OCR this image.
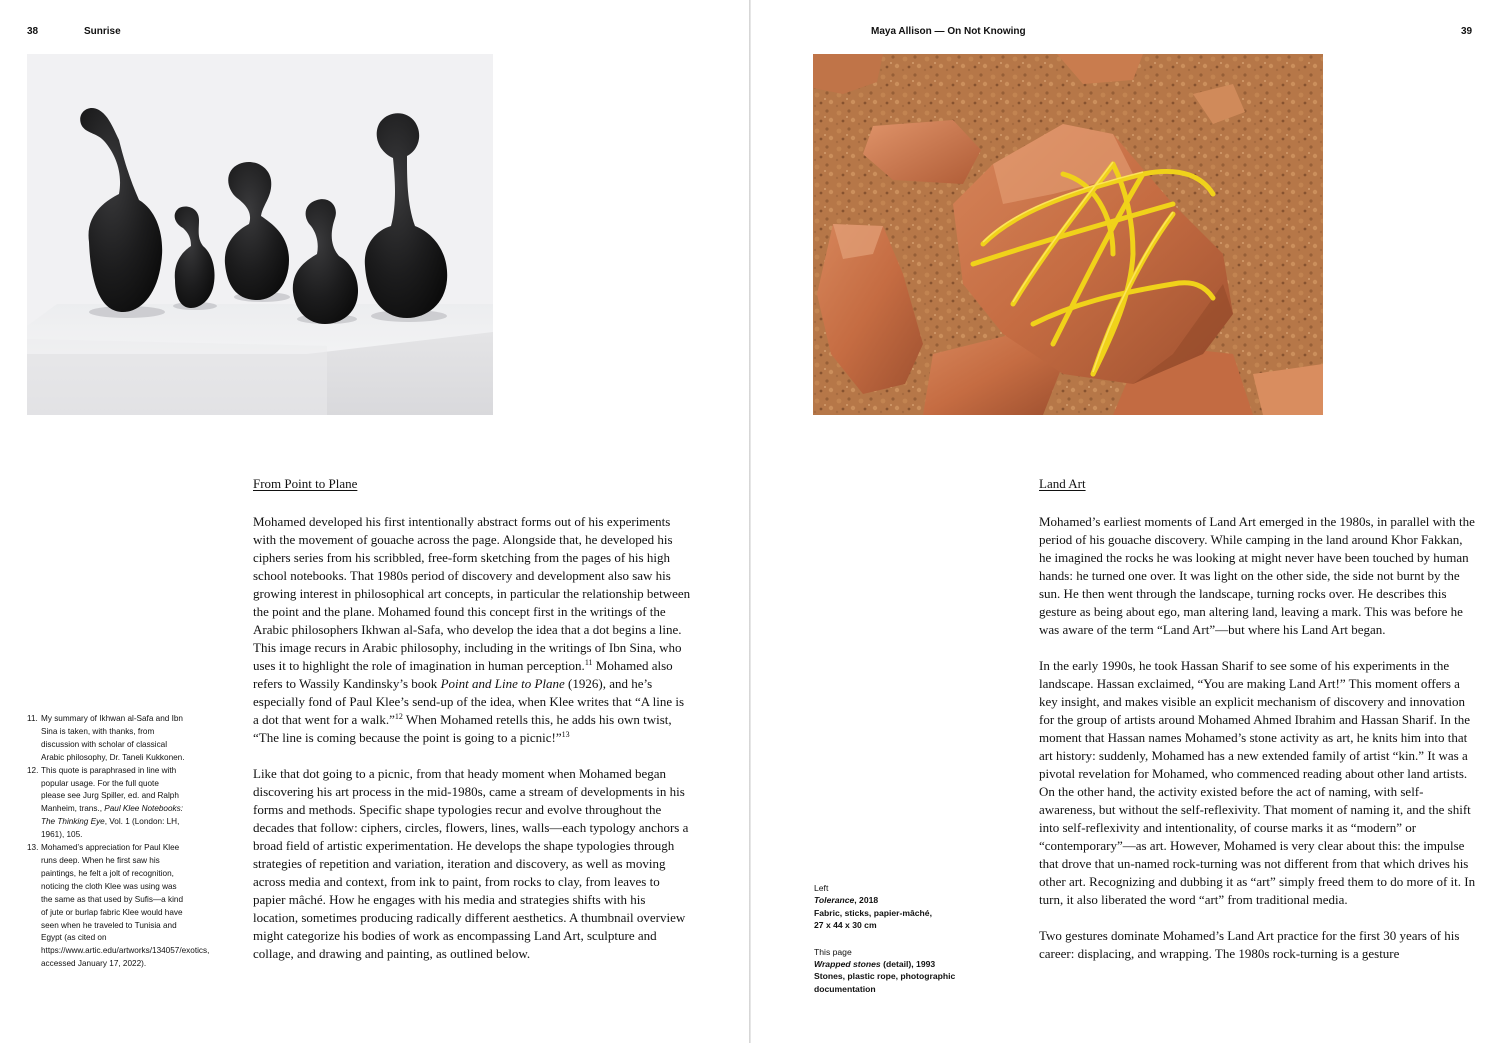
38	Sunrise	Maya Allison — On Not Knowing	39
From Point to Plane

Mohamed developed his first intentionally abstract forms out of his experiments with the movement of gouache across the page. Alongside that, he developed his ciphers series from his scribbled, free-form sketching from the pages of his high school notebooks. That 1980s period of discovery and development also saw his growing interest in philosophical art concepts, in particular the relationship between the point and the plane. Mohamed found this concept first in the writings of the Arabic philosophers Ikhwan al-Safa, who develop the idea that a dot begins a line. This image recurs in Arabic philosophy, including in the writings of Ibn Sina, who uses it to highlight the role of imagination in human perception.$^{11}$ Mohamed also refers to Wassily Kandinsky’s book Point and Line to Plane (1926), and he’s especially fond of Paul Klee’s send-up of the idea, when Klee writes that “A line is a dot that went for a walk.”$^{12}$ When Mohamed retells this, he adds his own twist, “The line is coming because the point is going to a picnic!”$^{13}$

Like that dot going to a picnic, from that heady moment when Mohamed began discovering his art process in the mid-1980s, came a stream of developments in his forms and methods. Specific shape typologies recur and evolve throughout the decades that follow: ciphers, circles, flowers, lines, walls—each typology anchors a broad field of artistic experimentation. He develops the shape typologies through strategies of repetition and variation, iteration and discovery, as well as moving across media and context, from ink to paint, from rocks to clay, from leaves to papier mâché. How he engages with his media and strategies shifts with his location, sometimes producing radically different aesthetics. A thumbnail overview might categorize his bodies of work as encompassing Land Art, sculpture and collage, and drawing and painting, as outlined below.

11. My summary of Ikhwan al-Safa and Ibn Sina is taken, with thanks, from discussion with scholar of classical Arabic philosophy, Dr. Taneli Kukkonen.
12. This quote is paraphrased in line with popular usage. For the full quote please see Jurg Spiller, ed. and Ralph Manheim, trans., Paul Klee Notebooks: The Thinking Eye, Vol. 1 (London: LH, 1961), 105.
13. Mohamed’s appreciation for Paul Klee runs deep. When he first saw his paintings, he felt a jolt of recognition, noticing the cloth Klee was using was the same as that used by Sufis—a kind of jute or burlap fabric Klee would have seen when he traveled to Tunisia and Egypt (as cited on https://www.artic.edu/artworks/134057/exotics, accessed January 17, 2022).
Land Art

Mohamed’s earliest moments of Land Art emerged in the 1980s, in parallel with the period of his gouache discovery. While camping in the land around Khor Fakkan, he imagined the rocks he was looking at might never have been touched by human hands: he turned one over. It was light on the other side, the side not burnt by the sun. He then went through the landscape, turning rocks over. He describes this gesture as being about ego, man altering land, leaving a mark. This was before he was aware of the term “Land Art”—but where his Land Art began.

In the early 1990s, he took Hassan Sharif to see some of his experiments in the landscape. Hassan exclaimed, “You are making Land Art!” This moment offers a key insight, and makes visible an explicit mechanism of discovery and innovation for the group of artists around Mohamed Ahmed Ibrahim and Hassan Sharif. In the moment that Hassan names Mohamed’s stone activity as art, he knits him into that art history: suddenly, Mohamed has a new extended family of artist “kin.” It was a pivotal revelation for Mohamed, who commenced reading about other land artists. On the other hand, the activity existed before the act of naming, with self-awareness, but without the self-reflexivity. That moment of naming it, and the shift into self-reflexivity and intentionality, of course marks it as “modern” or “contemporary”—as art. However, Mohamed is very clear about this: the impulse that drove that un-named rock-turning was not different from that which drives his other art. Recognizing and dubbing it as “art” simply freed them to do more of it. In turn, it also liberated the word “art” from traditional media.

Two gestures dominate Mohamed’s Land Art practice for the first 30 years of his career: displacing, and wrapping. The 1980s rock-turning is a gesture

Left
Tolerance, 2018
Fabric, sticks, papier-mâché,
27 x 44 x 30 cm
This page
Wrapped stones (detail), 1993
Stones, plastic rope, photographic
documentation
